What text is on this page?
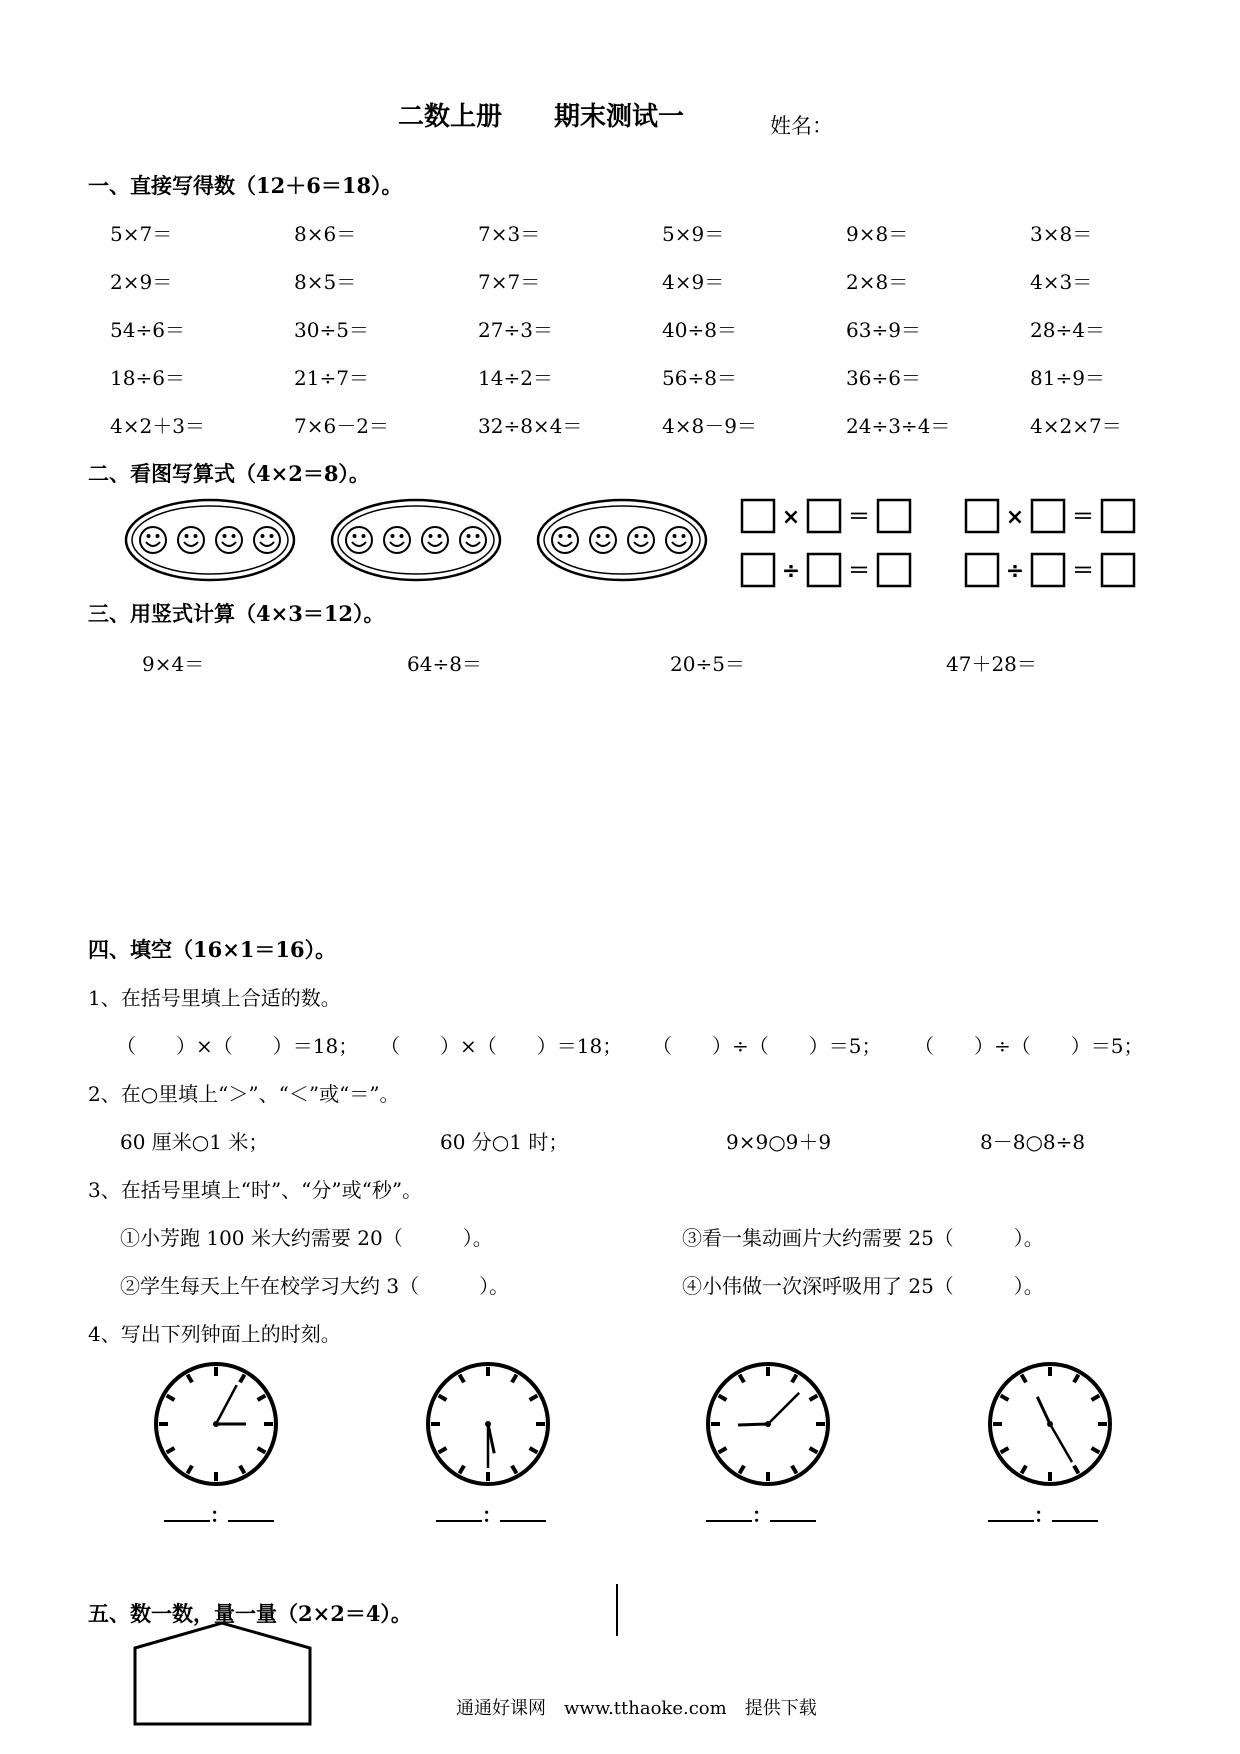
二数上册　　期末测试一	姓名：
一、直接写得数（12＋6＝18）。
5×7＝	8×6＝	7×3＝	5×9＝	9×8＝	3×8＝
2×9＝	8×5＝	7×7＝	4×9＝	2×8＝	4×3＝
54÷6＝	30÷5＝	27÷3＝	40÷8＝	63÷9＝	28÷4＝
18÷6＝	21÷7＝	14÷2＝	56÷8＝	36÷6＝	81÷9＝
4×2＋3＝	7×6－2＝	32÷8×4＝	4×8－9＝	24÷3÷4＝	4×2×7＝
二、看图写算式（4×2＝8）。
× ＝	× ＝
÷ ＝	÷ ＝
三、用竖式计算（4×3＝12）。
9×4＝	64÷8＝	20÷5＝	47＋28＝
四、填空（16×1＝16）。
1、在括号里填上合适的数。
（　　）×（　　）＝18； （　　）×（　　）＝18； （　　）÷（　　）＝5； （　　）÷（　　）＝5；
2、在○里填上“＞”、“＜”或“＝”。
60 厘米○1 米；	60 分○1 时；	9×9○9＋9	8－8○8÷8
3、在括号里填上“时”、“分”或“秒”。
①小芳跑 100 米大约需要 20（　　　）。	③看一集动画片大约需要 25（　　　）。
②学生每天上午在校学习大约 3（　　　）。	④小伟做一次深呼吸用了 25（　　　）。
4、写出下列钟面上的时刻。
：	：	：	：
五、数一数，量一量（2×2＝4）。
通通好课网　www.tthaoke.com　提供下载
